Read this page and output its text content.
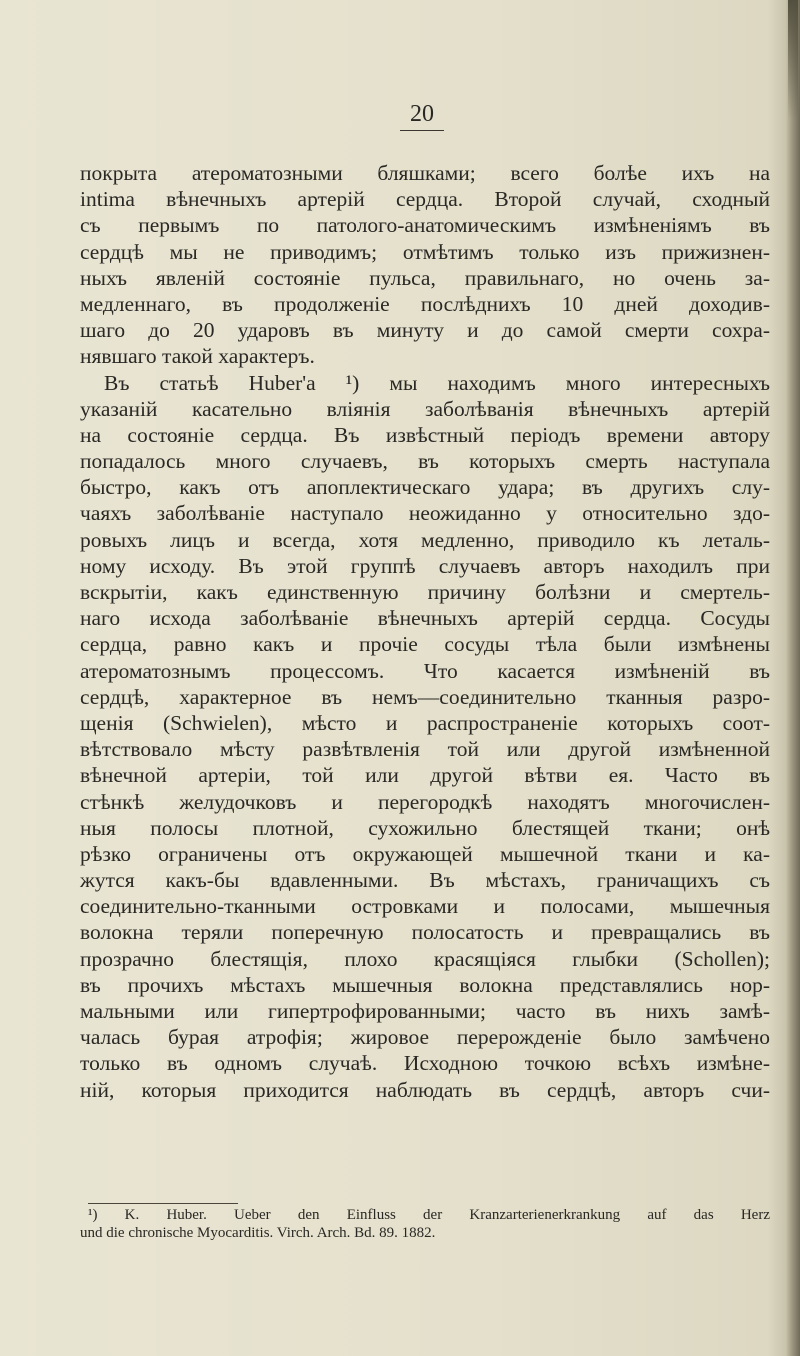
20
покрыта атероматозными бляшками; всего болѣе ихъ на
intima вѣнечныхъ артерій сердца. Второй случай, сходный
съ первымъ по патолого-анатомическимъ измѣненіямъ въ
сердцѣ мы не приводимъ; отмѣтимъ только изъ прижизнен-
ныхъ явленій состояніе пульса, правильнаго, но очень за-
медленнаго, въ продолженіе послѣднихъ 10 дней доходив-
шаго до 20 ударовъ въ минуту и до самой смерти сохра-
нявшаго такой характеръ.
Въ статьѣ Huber'а ¹) мы находимъ много интересныхъ
указаній касательно вліянія заболѣванія вѣнечныхъ артерій
на состояніе сердца. Въ извѣстный періодъ времени автору
попадалось много случаевъ, въ которыхъ смерть наступала
быстро, какъ отъ апоплектическаго удара; въ другихъ слу-
чаяхъ заболѣваніе наступало неожиданно у относительно здо-
ровыхъ лицъ и всегда, хотя медленно, приводило къ леталь-
ному исходу. Въ этой группѣ случаевъ авторъ находилъ при
вскрытіи, какъ единственную причину болѣзни и смертель-
наго исхода заболѣваніе вѣнечныхъ артерій сердца. Сосуды
сердца, равно какъ и прочіе сосуды тѣла были измѣнены
атероматознымъ процессомъ. Что касается измѣненій въ
сердцѣ, характерное въ немъ—соединительно тканныя разро-
щенія (Schwielen), мѣсто и распространеніе которыхъ соот-
вѣтствовало мѣсту развѣтвленія той или другой измѣненной
вѣнечной артеріи, той или другой вѣтви ея. Часто въ
стѣнкѣ желудочковъ и перегородкѣ находятъ многочислен-
ныя полосы плотной, сухожильно блестящей ткани; онѣ
рѣзко ограничены отъ окружающей мышечной ткани и ка-
жутся какъ-бы вдавленными. Въ мѣстахъ, граничащихъ съ
соединительно-тканными островками и полосами, мышечныя
волокна теряли поперечную полосатость и превращались въ
прозрачно блестящія, плохо красящіяся глыбки (Schollen);
въ прочихъ мѣстахъ мышечныя волокна представлялись нор-
мальными или гипертрофированными; часто въ нихъ замѣ-
чалась бурая атрофія; жировое перерожденіе было замѣчено
только въ одномъ случаѣ. Исходною точкою всѣхъ измѣне-
ній, которыя приходится наблюдать въ сердцѣ, авторъ счи-
¹) K. Huber. Ueber den Einfluss der Kranzarterienerkrankung auf das Herz
und die chronische Myocarditis. Virch. Arch. Bd. 89. 1882.
